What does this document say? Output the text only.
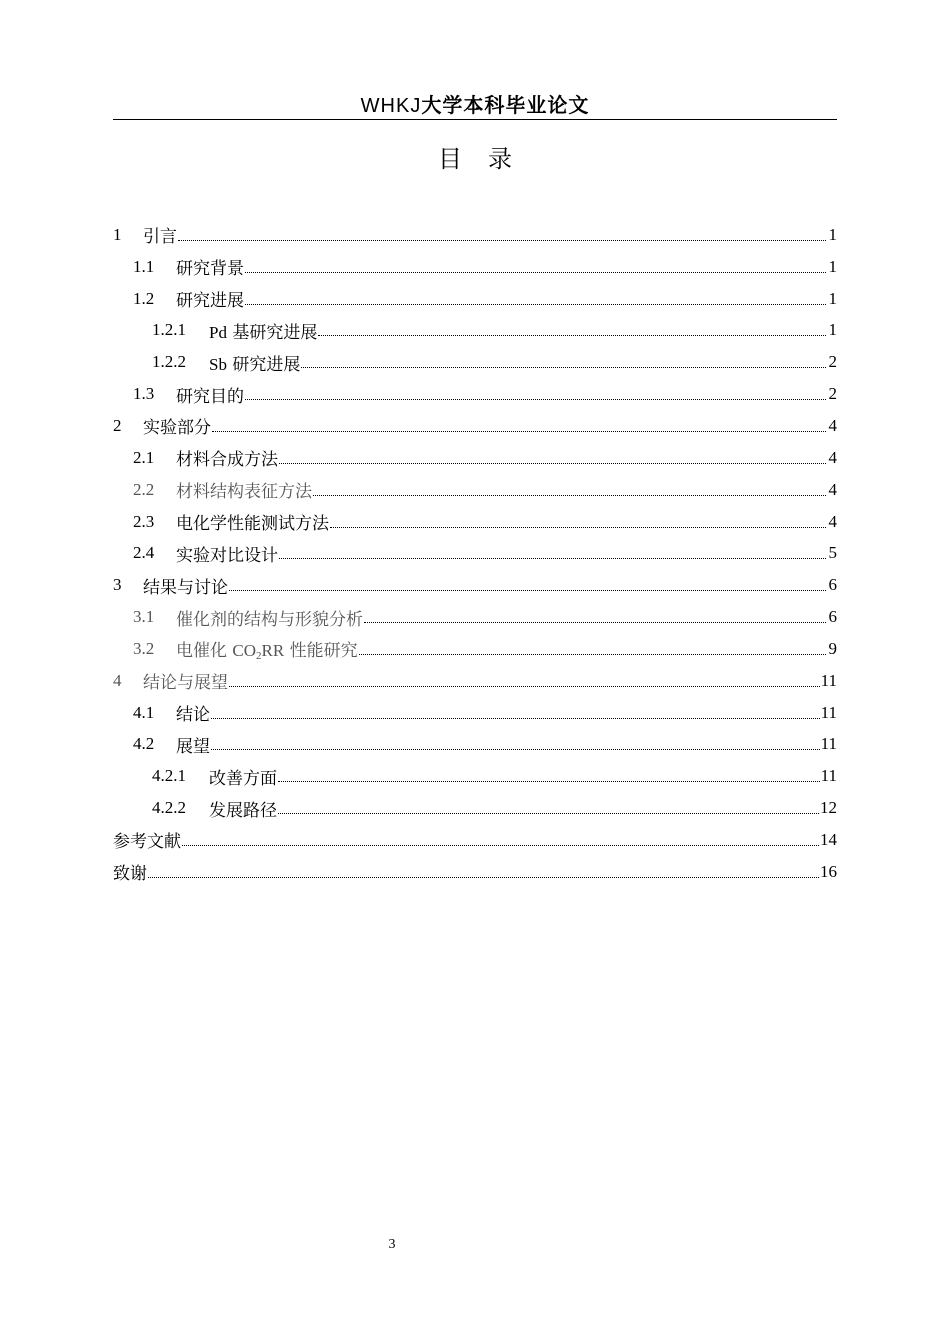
WHKJ大学本科毕业论文
目录
1	引言	1
1.1	研究背景	1
1.2	研究进展	1
1.2.1	Pd 基研究进展	1
1.2.2	Sb 研究进展	2
1.3	研究目的	2
2	实验部分	4
2.1	材料合成方法	4
2.2	材料结构表征方法	4
2.3	电化学性能测试方法	4
2.4	实验对比设计	5
3	结果与讨论	6
3.1	催化剂的结构与形貌分析	6
3.2	电催化 $CO_2RR$ 性能研究	9
4	结论与展望	11
4.1	结论	11
4.2	展望	11
4.2.1	改善方面	11
4.2.2	发展路径	12
参考文献	14
致谢	16
3
